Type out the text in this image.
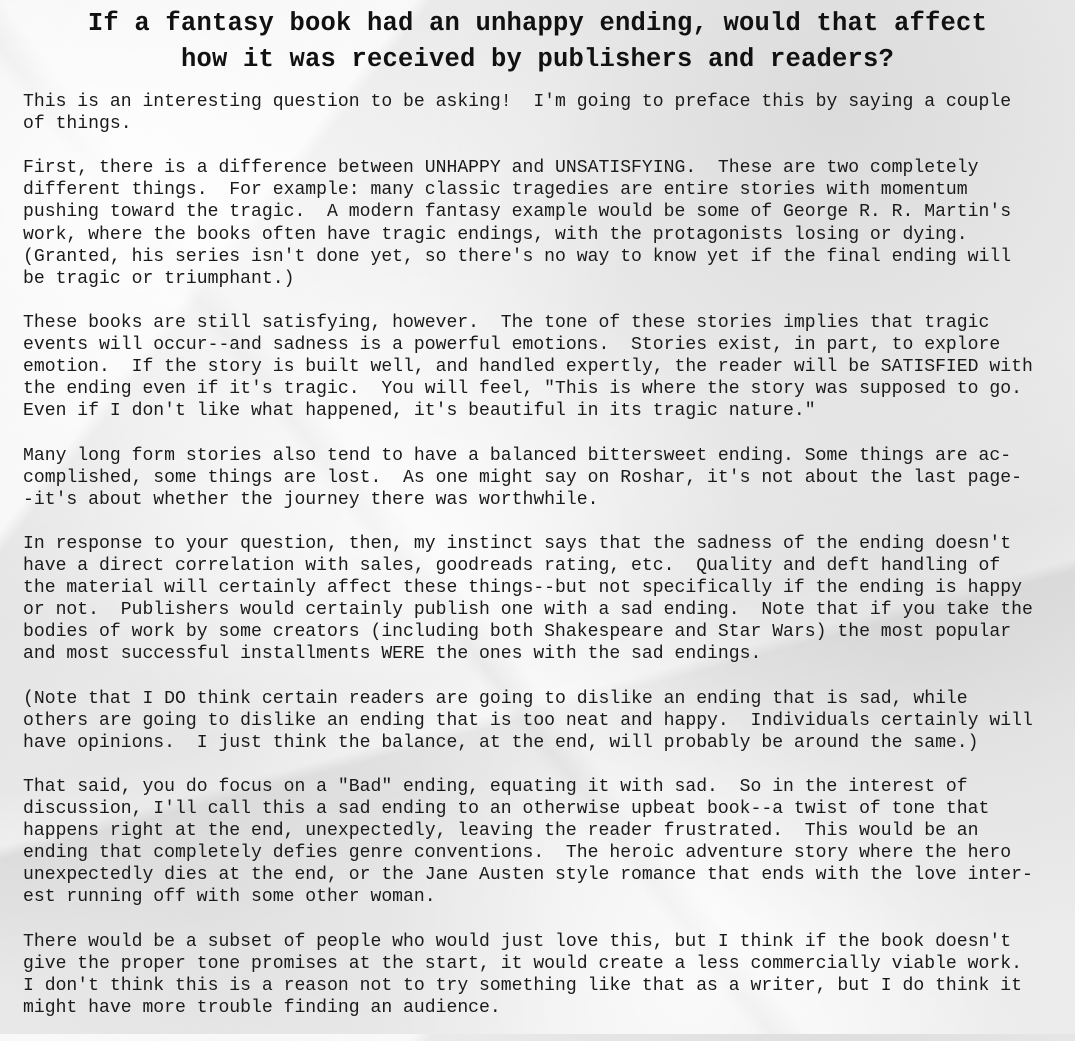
If a fantasy book had an unhappy ending, would that affect
how it was received by publishers and readers?

This is an interesting question to be asking!  I'm going to preface this by saying a couple
of things.

First, there is a difference between UNHAPPY and UNSATISFYING.  These are two completely
different things.  For example: many classic tragedies are entire stories with momentum
pushing toward the tragic.  A modern fantasy example would be some of George R. R. Martin's
work, where the books often have tragic endings, with the protagonists losing or dying.
(Granted, his series isn't done yet, so there's no way to know yet if the final ending will
be tragic or triumphant.)

These books are still satisfying, however.  The tone of these stories implies that tragic
events will occur--and sadness is a powerful emotions.  Stories exist, in part, to explore
emotion.  If the story is built well, and handled expertly, the reader will be SATISFIED with
the ending even if it's tragic.  You will feel, "This is where the story was supposed to go.
Even if I don't like what happened, it's beautiful in its tragic nature."

Many long form stories also tend to have a balanced bittersweet ending. Some things are ac-
complished, some things are lost.  As one might say on Roshar, it's not about the last page-
-it's about whether the journey there was worthwhile.

In response to your question, then, my instinct says that the sadness of the ending doesn't
have a direct correlation with sales, goodreads rating, etc.  Quality and deft handling of
the material will certainly affect these things--but not specifically if the ending is happy
or not.  Publishers would certainly publish one with a sad ending.  Note that if you take the
bodies of work by some creators (including both Shakespeare and Star Wars) the most popular
and most successful installments WERE the ones with the sad endings.

(Note that I DO think certain readers are going to dislike an ending that is sad, while
others are going to dislike an ending that is too neat and happy.  Individuals certainly will
have opinions.  I just think the balance, at the end, will probably be around the same.)

That said, you do focus on a "Bad" ending, equating it with sad.  So in the interest of
discussion, I'll call this a sad ending to an otherwise upbeat book--a twist of tone that
happens right at the end, unexpectedly, leaving the reader frustrated.  This would be an
ending that completely defies genre conventions.  The heroic adventure story where the hero
unexpectedly dies at the end, or the Jane Austen style romance that ends with the love inter-
est running off with some other woman.

There would be a subset of people who would just love this, but I think if the book doesn't
give the proper tone promises at the start, it would create a less commercially viable work.
I don't think this is a reason not to try something like that as a writer, but I do think it
might have more trouble finding an audience.
